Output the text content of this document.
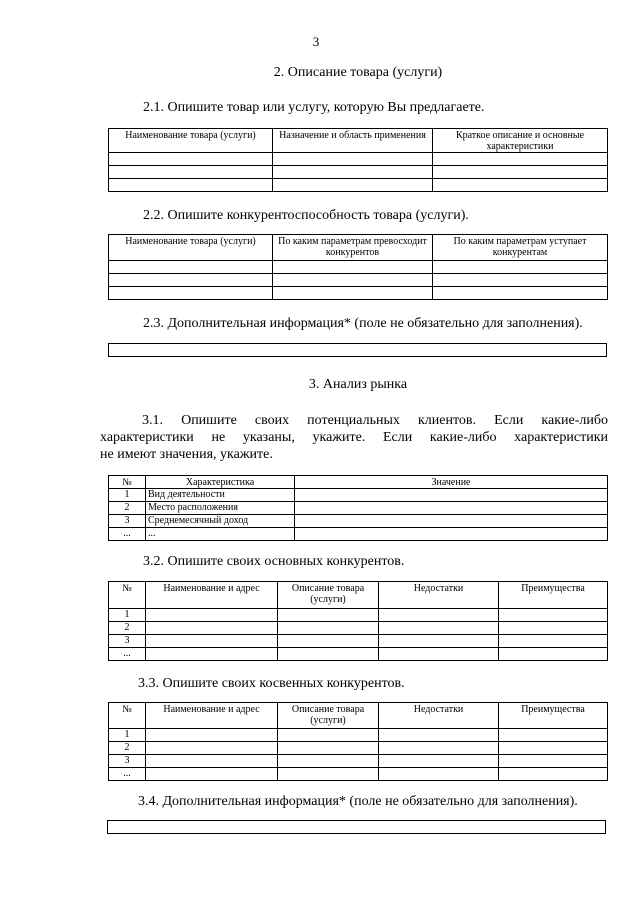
3
2. Описание товара (услуги)
2.1. Опишите товар или услугу, которую Вы предлагаете.
Наименование товара (услуги)	Назначение и область применения	Краткое описание и основные характеристики

2.2. Опишите конкурентоспособность товара (услуги).
Наименование товара (услуги)	По каким параметрам превосходит конкурентов	По каким параметрам уступает конкурентам

2.3. Дополнительная информация* (поле не обязательно для заполнения).
3. Анализ рынка
3.1. Опишите своих потенциальных клиентов. Если какие-либо
характеристики не указаны, укажите. Если какие-либо характеристики
не имеют значения, укажите.
№	Характеристика	Значение
1	Вид деятельности	
2	Место расположения	
3	Среднемесячный доход	
...	...	
3.2. Опишите своих основных конкурентов.
№	Наименование и адрес	Описание товара (услуги)	Недостатки	Преимущества
1				
2				
3				
...				
3.3. Опишите своих косвенных конкурентов.
№	Наименование и адрес	Описание товара (услуги)	Недостатки	Преимущества
1				
2				
3				
...				
3.4. Дополнительная информация* (поле не обязательно для заполнения).
